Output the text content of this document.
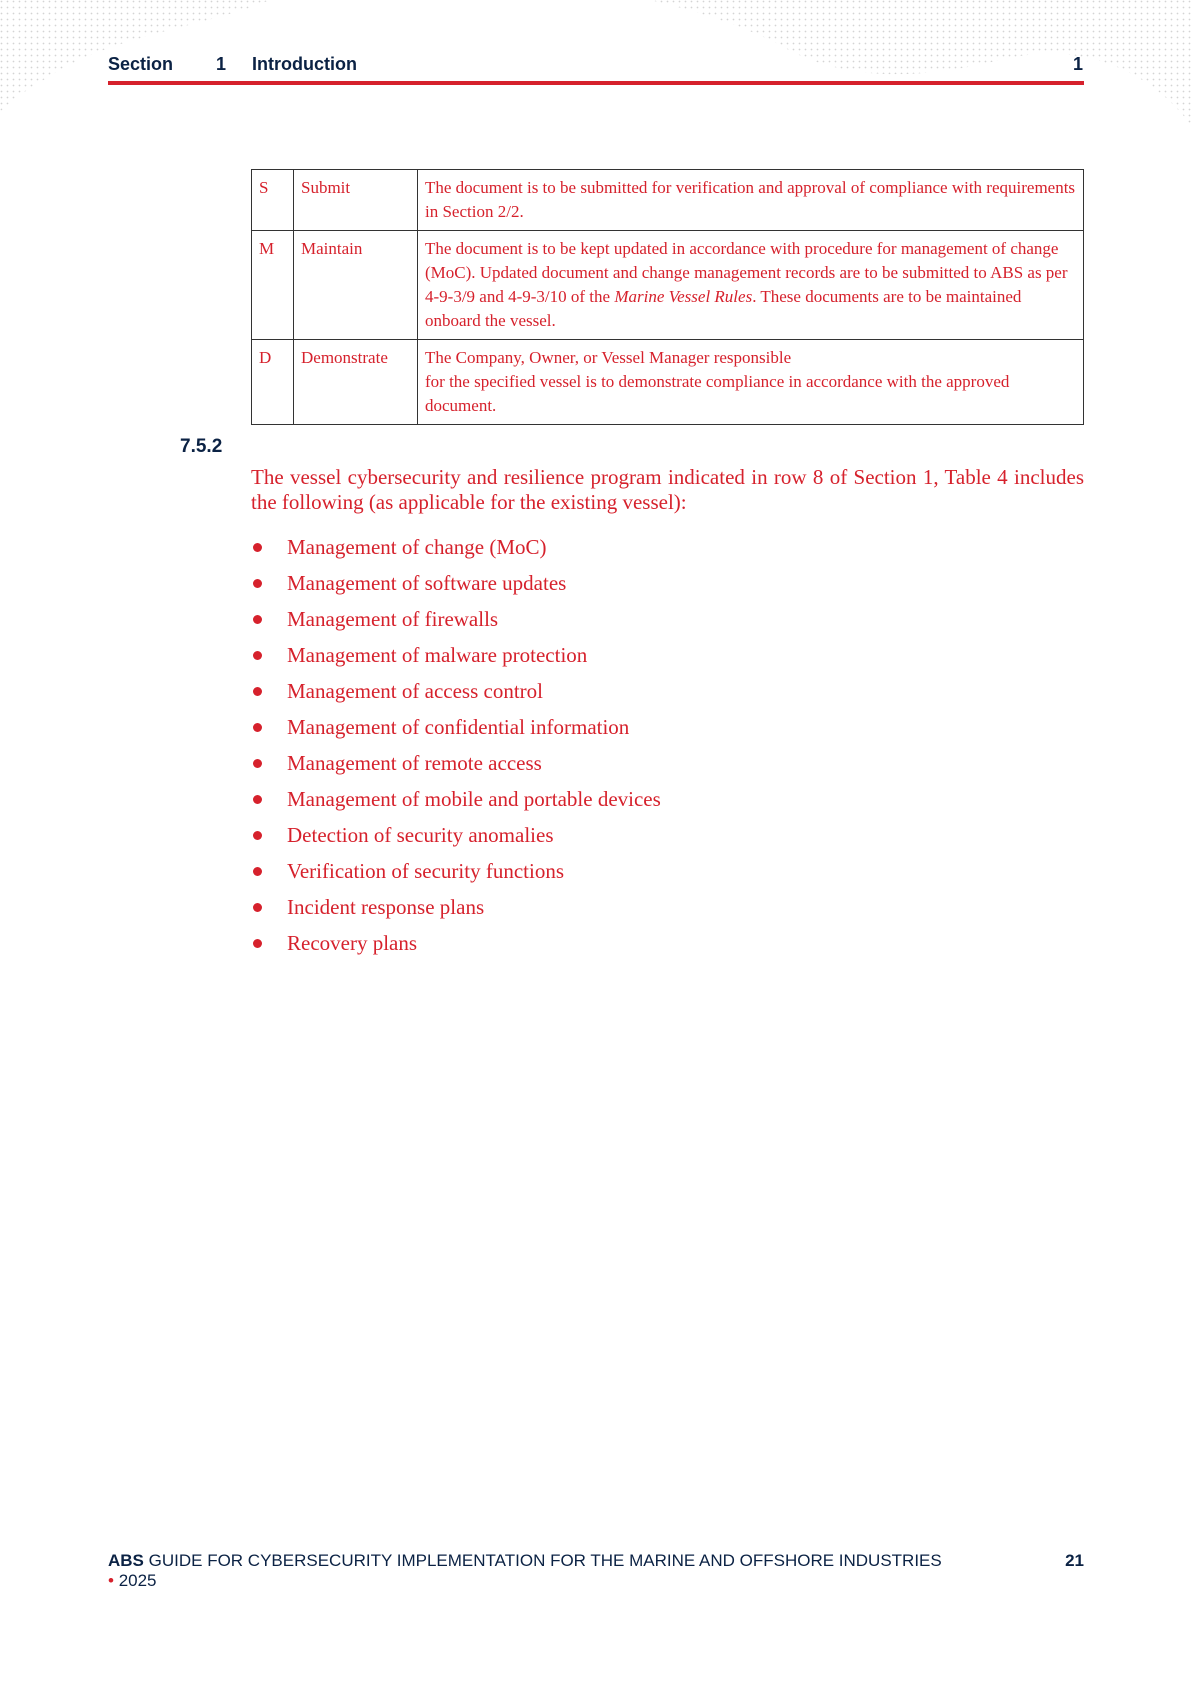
Section 1 Introduction	1
S	Submit	The document is to be submitted for verification and approval of compliance with requirements in Section 2/2.
M	Maintain	The document is to be kept updated in accordance with procedure for management of change (MoC). Updated document and change management records are to be submitted to ABS as per 4-9-3/9 and 4-9-3/10 of the Marine Vessel Rules. These documents are to be maintained onboard the vessel.
D	Demonstrate	The Company, Owner, or Vessel Manager responsible
for the specified vessel is to demonstrate compliance in accordance with the approved document.
7.5.2
The vessel cybersecurity and resilience program indicated in row 8 of Section 1, Table 4 includes the following (as applicable for the existing vessel):
Management of change (MoC)
Management of software updates
Management of firewalls
Management of malware protection
Management of access control
Management of confidential information
Management of remote access
Management of mobile and portable devices
Detection of security anomalies
Verification of security functions
Incident response plans
Recovery plans
ABS GUIDE FOR CYBERSECURITY IMPLEMENTATION FOR THE MARINE AND OFFSHORE INDUSTRIES
• 2025
21
